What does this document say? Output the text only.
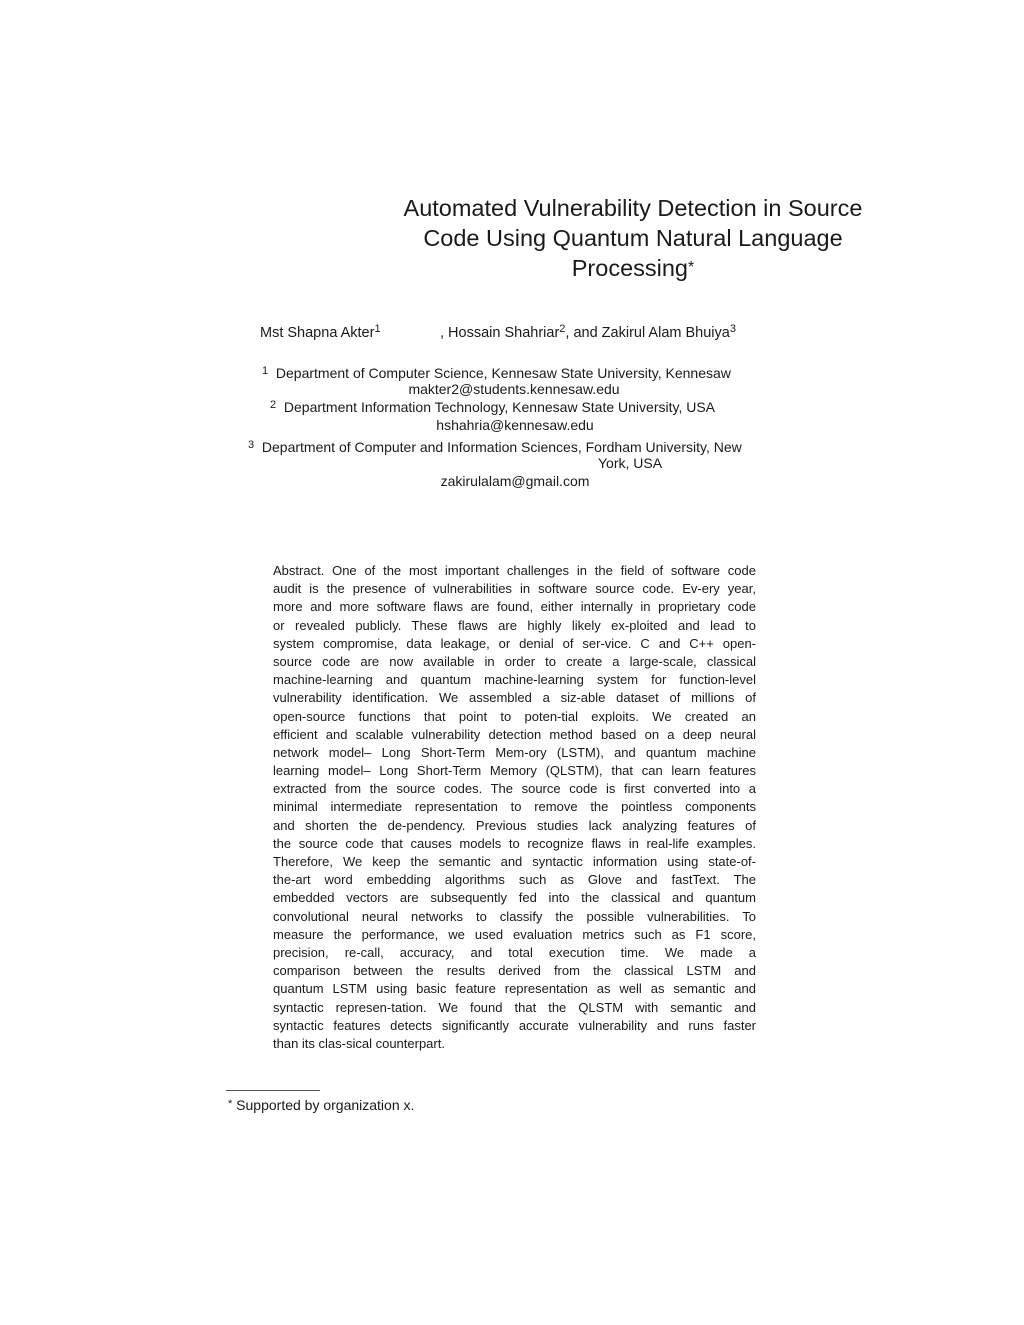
Automated Vulnerability Detection in Source
Code Using Quantum Natural Language
Processing*
Mst Shapna Akter$^1$	, Hossain Shahriar$^2$, and Zakirul Alam Bhuiya$^3$
$^1$ Department of Computer Science, Kennesaw State University, Kennesaw
makter2@students.kennesaw.edu
$^2$ Department Information Technology, Kennesaw State University, USA
hshahria@kennesaw.edu
$^3$ Department of Computer and Information Sciences, Fordham University, New
York, USA
zakirulalam@gmail.com
Abstract. One of the most important challenges in the field of software code
audit is the presence of vulnerabilities in software source code. Ev-ery year,
more and more software flaws are found, either internally in proprietary code
or revealed publicly. These flaws are highly likely ex-ploited and lead to
system compromise, data leakage, or denial of ser-vice. C and C++ open-
source code are now available in order to create a large-scale, classical
machine-learning and quantum machine-learning system for function-level
vulnerability identification. We assembled a siz-able dataset of millions of
open-source functions that point to poten-tial exploits. We created an
efficient and scalable vulnerability detection method based on a deep neural
network model– Long Short-Term Mem-ory (LSTM), and quantum machine
learning model– Long Short-Term Memory (QLSTM), that can learn features
extracted from the source codes. The source code is first converted into a
minimal intermediate representation to remove the pointless components
and shorten the de-pendency. Previous studies lack analyzing features of
the source code that causes models to recognize flaws in real-life examples.
Therefore, We keep the semantic and syntactic information using state-of-
the-art word embedding algorithms such as Glove and fastText. The
embedded vectors are subsequently fed into the classical and quantum
convolutional neural networks to classify the possible vulnerabilities. To
measure the performance, we used evaluation metrics such as F1 score,
precision, re-call, accuracy, and total execution time. We made a
comparison between the results derived from the classical LSTM and
quantum LSTM using basic feature representation as well as semantic and
syntactic represen-tation. We found that the QLSTM with semantic and
syntactic features detects significantly accurate vulnerability and runs faster
than its clas-sical counterpart.
* Supported by organization x.
